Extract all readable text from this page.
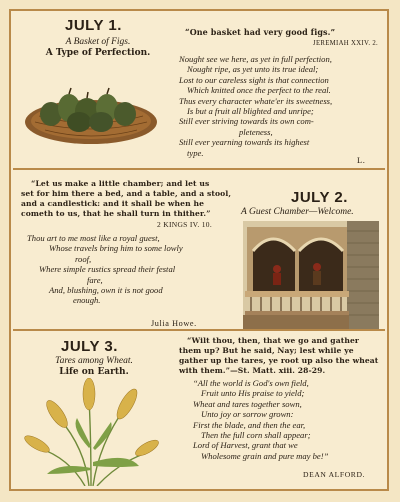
JULY 1.
A Basket of Figs.
A Type of Perfection.
“One basket had very good figs.”
JEREMIAH XXIV. 2.
Nought see we here, as yet in full perfection,
Nought ripe, as yet unto its true ideal;
Lost to our careless sight is that connection
Which knitted once the perfect to the real.
Thus every character whate'er its sweetness,
Is but a fruit all blighted and unripe;
Still ever striving towards its own com-
pleteness,
Still ever yearning towards its highest
type.
L.
“Let us make a little chamber; and let us
set for him there a bed, and a table, and a stool,
and a candlestick: and it shall be when he
cometh to us, that he shall turn in thither.”
2 KINGS IV. 10.
Thou art to me most like a royal guest,
Whose travels bring him to some lowly
roof,
Where simple rustics spread their festal
fare,
And, blushing, own it is not good
enough.
Julia Howe.
JULY 2.
A Guest Chamber—Welcome.
JULY 3.
Tares among Wheat.
Life on Earth.
“Wilt thou, then, that we go and gather
them up? But he said, Nay; lest while ye
gather up the tares, ye root up also the wheat
with them.”—St. Matt. xiii. 28-29.
“All the world is God's own field,
Fruit unto His praise to yield;
Wheat and tares together sown,
Unto joy or sorrow grown:
First the blade, and then the ear,
Then the full corn shall appear;
Lord of Harvest, grant that we
Wholesome grain and pure may be!”
DEAN ALFORD.
